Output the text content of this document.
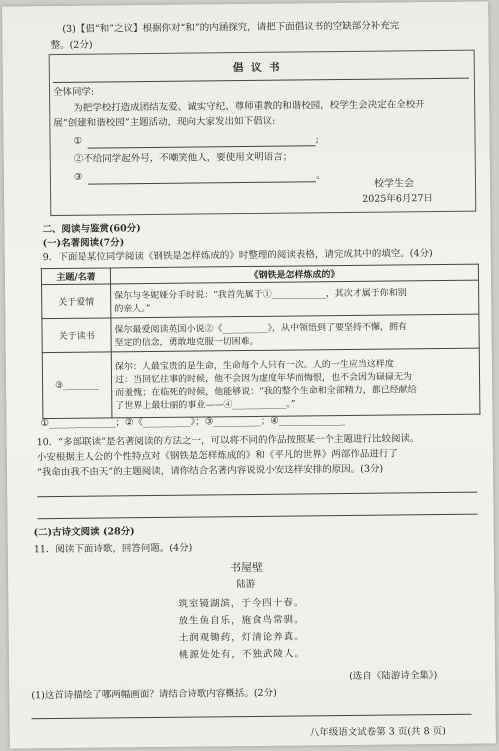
(3)【倡“和”之议】根据你对“和”的内涵探究，请把下面倡议书的空缺部分补充完
整。(2分)
倡 议 书
全体同学:
为把学校打造成团结友爱、诚实守纪、尊师重教的和谐校园，校学生会决定在全校开
展“创建和谐校园”主题活动，现向大家发出如下倡议:
①	;
②不给同学起外号，不嘲笑他人，要使用文明语言；
③	。
校学生会
2025年6月27日
二、阅读与鉴赏(60分)
(一)名著阅读(7分)
9．下面是某位同学阅读《钢铁是怎样炼成的》时整理的阅读表格，请完成其中的填空。(4分)
主题/名著	《钢铁是怎样炼成的》
关于爱情	保尔与冬妮娅分手时说：“我首先属于①____________，其次才属于你和别
的亲人。”

关于读书	保尔最爱阅读英国小说②《__________》，从中领悟到了要坚持不懈，拥有
坚定的信念，勇敢地克服一切困难。

③________	保尔：人最宝贵的是生命，生命每个人只有一次。人的一生应当这样度
过：当回忆往事的时候，他不会因为虚度年华而悔恨，也不会因为碌碌无为
而羞愧；在临死的时候，他能够说：“我的整个生命和全部精力，都已经献给
了世界上最壮丽的事业——④____________。”
①______________；②《__________》；③__________；④______________
10．“多部联读”是名著阅读的方法之一，可以将不同的作品按照某一个主题进行比较阅读。
小安根据主人公的个性特点对《钢铁是怎样炼成的》和《平凡的世界》两部作品进行了
“我命由我不由天”的主题阅读，请你结合名著内容说说小安这样安排的原因。(3分)
(二)古诗文阅读 (28分)
11．阅读下面诗歌，回答问题。(4分)
书屋壁
陆游
筑室镜湖滨，于今四十春。
放生鱼自乐，施食鸟常驯。
土润观锄药，灯清论养真。
桃源处处有，不独武陵人。
(选自《陆游诗全集》)
(1)这首诗描绘了哪两幅画面？请结合诗歌内容概括。(2分)
八年级语文试卷第 3 页(共 8 页)
